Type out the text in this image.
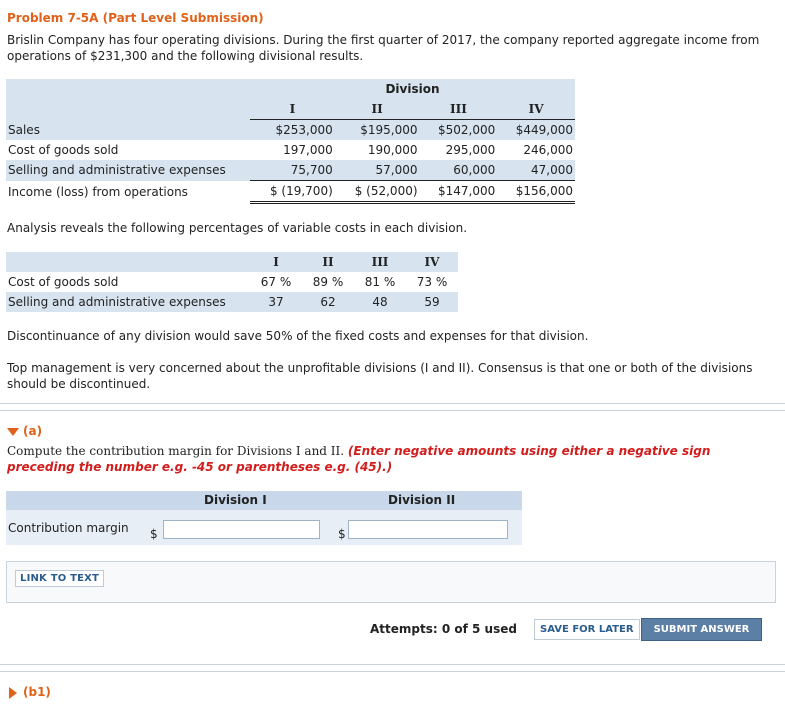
Problem 7-5A (Part Level Submission)
Brislin Company has four operating divisions. During the first quarter of 2017, the company reported aggregate income from operations of $231,300 and the following divisional results.
	Division			
	I	II	III	IV
Sales	$253,000	$195,000	$502,000	$449,000
Cost of goods sold	197,000	190,000	295,000	246,000
Selling and administrative expenses	75,700	57,000	60,000	47,000
Income (loss) from operations	$ (19,700)	$ (52,000)	$147,000	$156,000
Analysis reveals the following percentages of variable costs in each division.
	I	II	III	IV
Cost of goods sold	67 %	89 %	81 %	73 %
Selling and administrative expenses	37	62	48	59
Discontinuance of any division would save 50% of the fixed costs and expenses for that division.
Top management is very concerned about the unprofitable divisions (I and II). Consensus is that one or both of the divisions should be discontinued.
(a)
Compute the contribution margin for Divisions I and II. (Enter negative amounts using either a negative sign preceding the number e.g. -45 or parentheses e.g. (45).)
Division I	Division II
Contribution margin $	$
LINK TO TEXT
Attempts: 0 of 5 used	SAVE FOR LATER	SUBMIT ANSWER
(b1)
